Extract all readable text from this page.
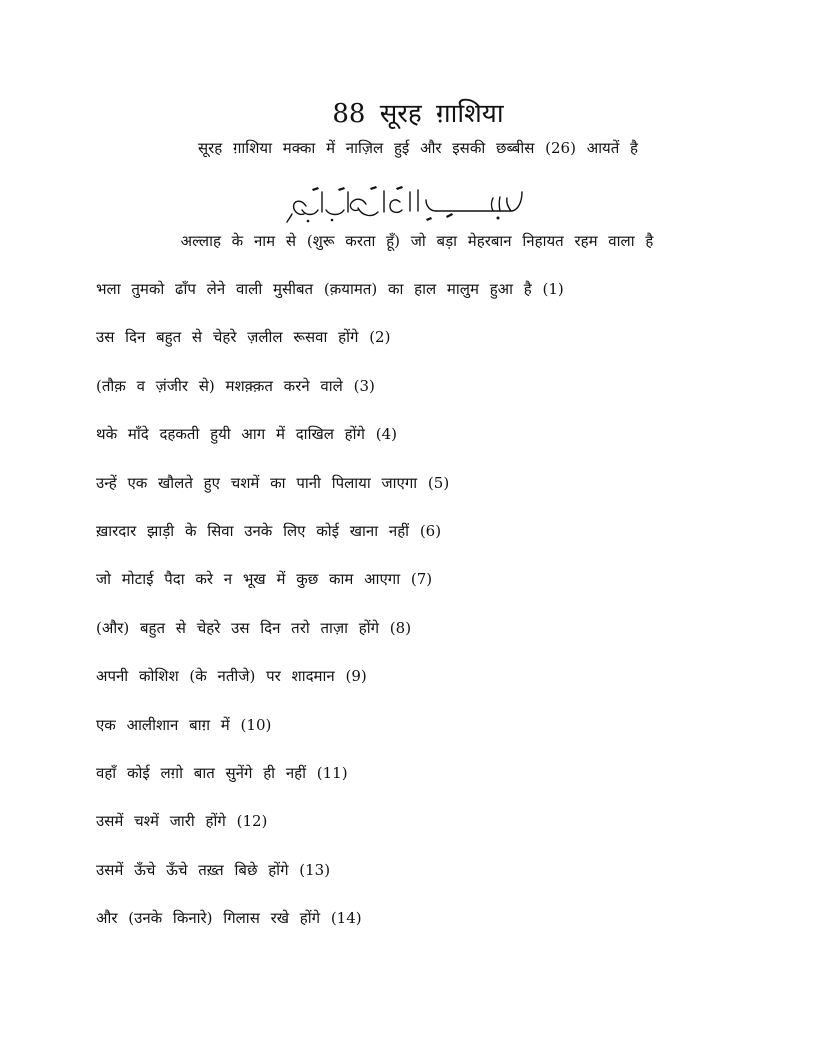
88 सूरह ग़ाशिया
सूरह ग़ाशिया मक्का में नाज़िल हुई और इसकी छब्बीस (26) आयतें है
अल्लाह के नाम से (शुरू करता हूँ) जो बड़ा मेहरबान निहायत रहम वाला है
भला तुमको ढाँप लेने वाली मुसीबत (क़यामत) का हाल मालुम हुआ है (1)
उस दिन बहुत से चेहरे ज़लील रूसवा होंगे (2)
(तौक़ व ज़ंजीर से) मशक़्क़त करने वाले (3)
थके माँदे दहकती हुयी आग में दाखिल होंगे (4)
उन्हें एक खौलते हुए चशमें का पानी पिलाया जाएगा (5)
ख़ारदार झाड़ी के सिवा उनके लिए कोई खाना नहीं (6)
जो मोटाई पैदा करे न भूख में कुछ काम आएगा (7)
(और) बहुत से चेहरे उस दिन तरो ताज़ा होंगे (8)
अपनी कोशिश (के नतीजे) पर शादमान (9)
एक आलीशान बाग़ में (10)
वहाँ कोई लग़ो बात सुनेंगे ही नहीं (11)
उसमें चश्में जारी होंगे (12)
उसमें ऊँचे ऊँचे तख़्त बिछे होंगे (13)
और (उनके किनारे) गिलास रखे होंगे (14)
